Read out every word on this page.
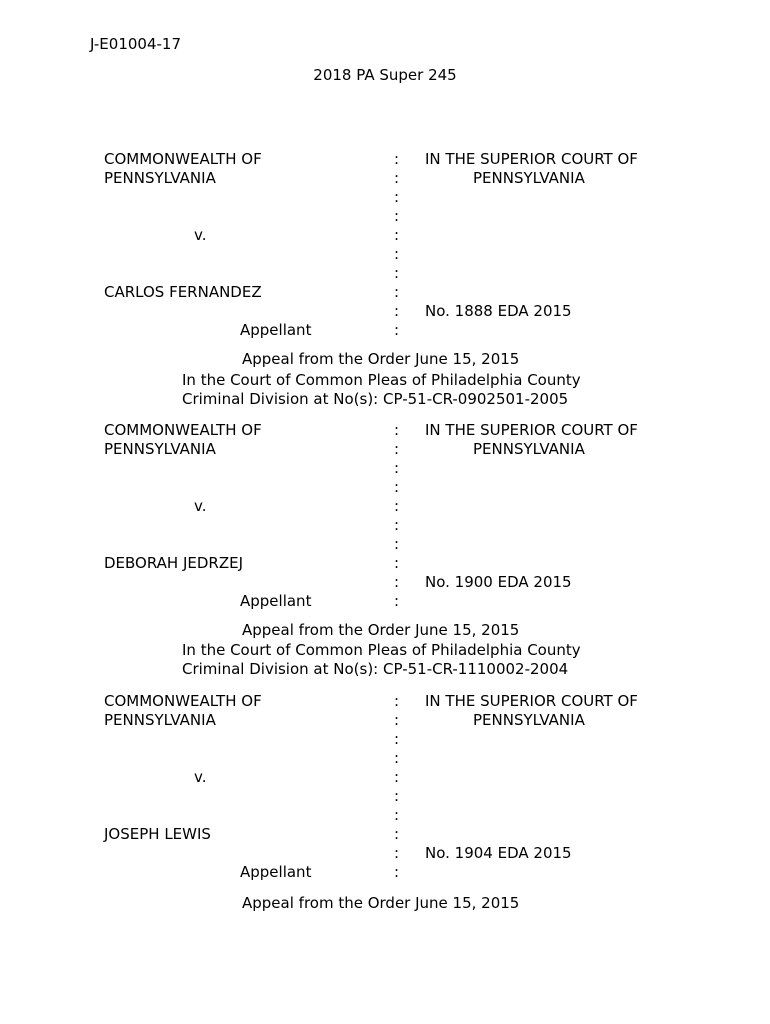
J-E01004-17
2018 PA Super 245
COMMONWEALTH OF
PENNSYLVANIA
v.
CARLOS FERNANDEZ
Appellant
:
:
:
:
:
:
:
:
:
:
IN THE SUPERIOR COURT OF
PENNSYLVANIA
No. 1888 EDA 2015
Appeal from the Order June 15, 2015
In the Court of Common Pleas of Philadelphia County
Criminal Division at No(s): CP-51-CR-0902501-2005
COMMONWEALTH OF
PENNSYLVANIA
v.
DEBORAH JEDRZEJ
Appellant
:
:
:
:
:
:
:
:
:
:
IN THE SUPERIOR COURT OF
PENNSYLVANIA
No. 1900 EDA 2015
Appeal from the Order June 15, 2015
In the Court of Common Pleas of Philadelphia County
Criminal Division at No(s): CP-51-CR-1110002-2004
COMMONWEALTH OF
PENNSYLVANIA
v.
JOSEPH LEWIS
Appellant
:
:
:
:
:
:
:
:
:
:
IN THE SUPERIOR COURT OF
PENNSYLVANIA
No. 1904 EDA 2015
Appeal from the Order June 15, 2015
